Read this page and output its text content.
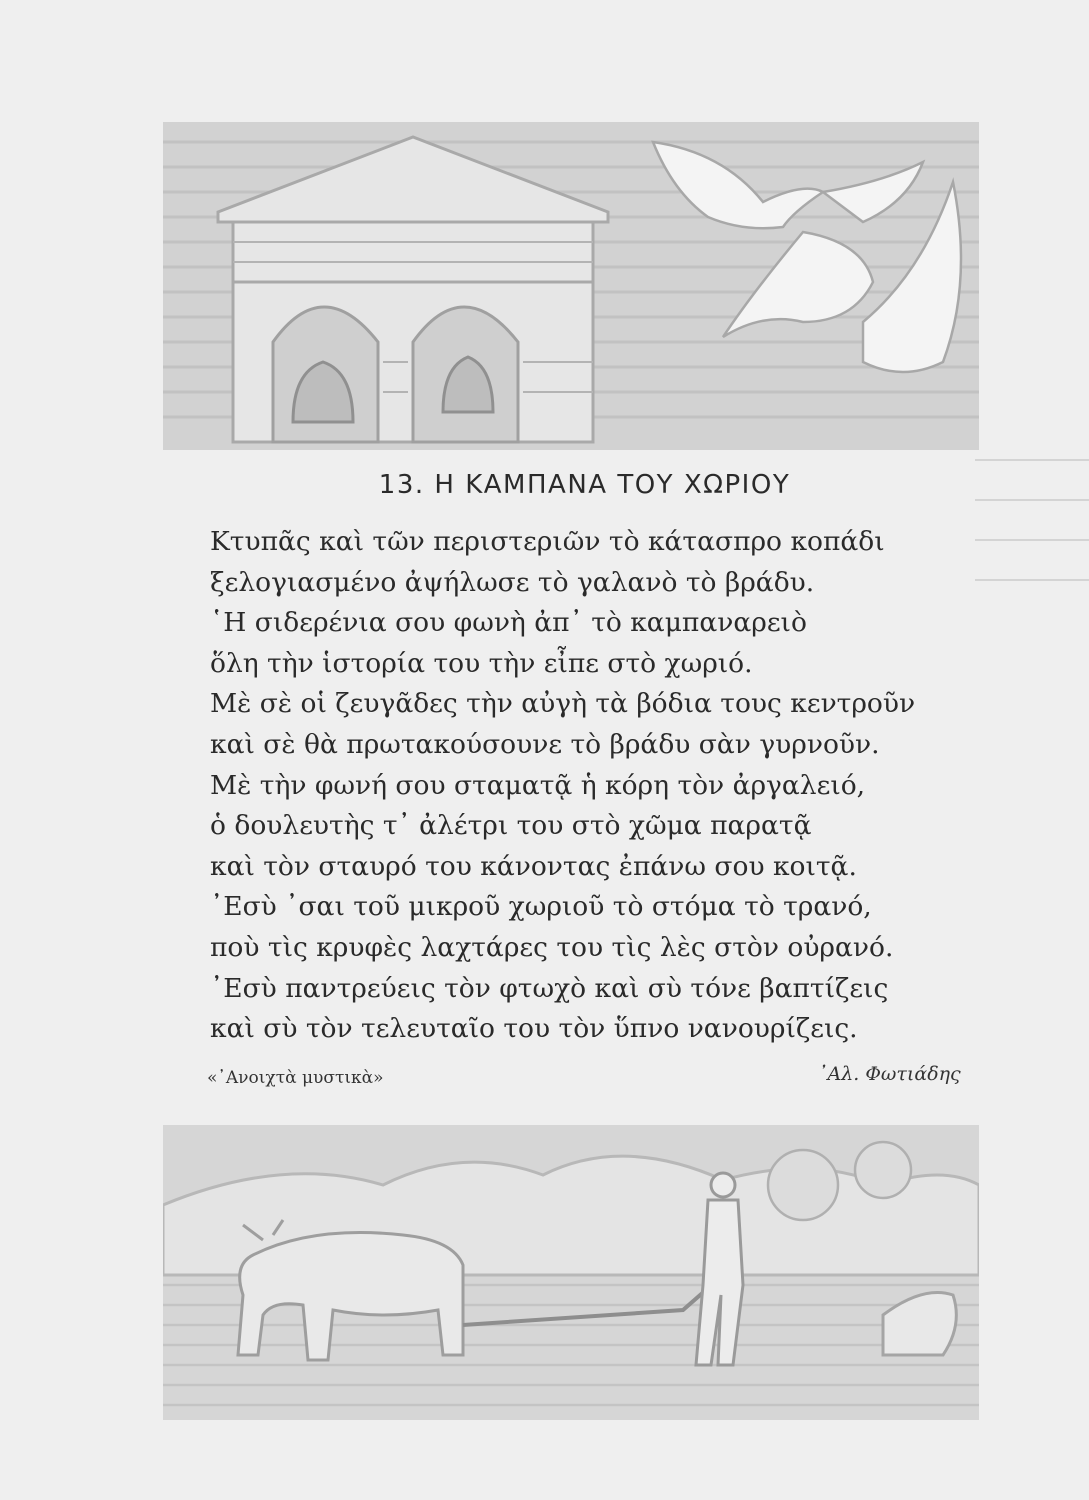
13. Η ΚΑΜΠΑΝΑ ΤΟΥ ΧΩΡΙΟΥ
Κτυπᾶς καὶ τῶν περιστεριῶν τὸ κάτασπρο κοπάδι
ξελογιασμένο ἀψήλωσε τὸ γαλανὸ τὸ βράδυ.
῾Η σιδερένια σου φωνὴ ἀπ᾿ τὸ καμπαναρειὸ
ὅλη τὴν ἱστορία του τὴν εἶπε στὸ χωριό.
Μὲ σὲ οἱ ζευγᾶδες τὴν αὐγὴ τὰ βόδια τους κεντροῦν
καὶ σὲ θὰ πρωτακούσουνε τὸ βράδυ σὰν γυρνοῦν.
Μὲ τὴν φωνή σου σταματᾷ ἡ κόρη τὸν ἀργαλειό,
ὁ δουλευτὴς τ᾿ ἀλέτρι του στὸ χῶμα παρατᾷ
καὶ τὸν σταυρό του κάνοντας ἐπάνω σου κοιτᾷ.
᾿Εσὺ ᾿σαι τοῦ μικροῦ χωριοῦ τὸ στόμα τὸ τρανό,
ποὺ τὶς κρυφὲς λαχτάρες του τὶς λὲς στὸν οὐρανό.
᾿Εσὺ παντρεύεις τὸν φτωχὸ καὶ σὺ τόνε βαπτίζεις
καὶ σὺ τὸν τελευταῖο του τὸν ὕπνο νανουρίζεις.
«᾿Ανοιχτὰ μυστικὰ»	᾿Αλ. Φωτιάδης
